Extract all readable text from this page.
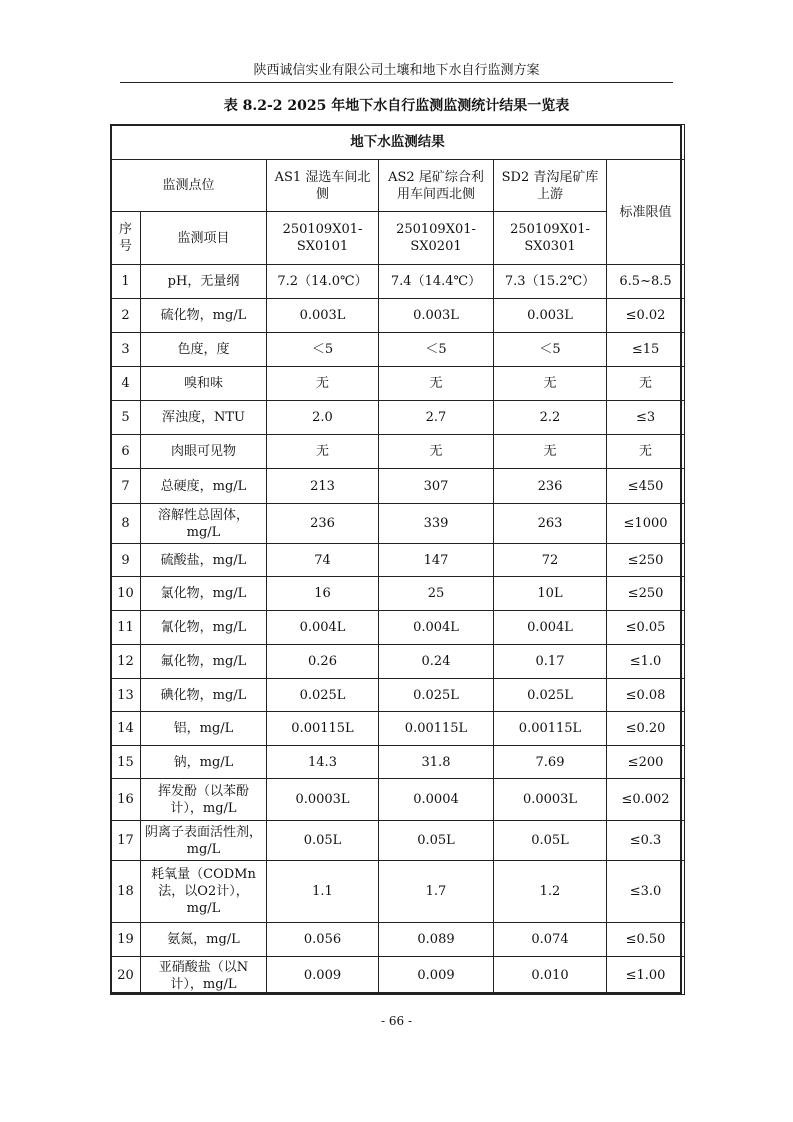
陕西诚信实业有限公司土壤和地下水自行监测方案
表 8.2-2 2025 年地下水自行监测监测统计结果一览表
地下水监测结果					
监测点位		AS1 湿选车间北侧	AS2 尾矿综合利用车间西北侧	SD2 青沟尾矿库上游	标准限值
序号	监测项目	250109X01-SX0101	250109X01-SX0201	250109X01-SX0301	
1	pH，无量纲	7.2（14.0℃）	7.4（14.4℃）	7.3（15.2℃）	6.5~8.5
2	硫化物，mg/L	0.003L	0.003L	0.003L	≤0.02
3	色度，度	＜5	＜5	＜5	≤15
4	嗅和味	无	无	无	无
5	浑浊度，NTU	2.0	2.7	2.2	≤3
6	肉眼可见物	无	无	无	无
7	总硬度，mg/L	213	307	236	≤450
8	溶解性总固体，mg/L	236	339	263	≤1000
9	硫酸盐，mg/L	74	147	72	≤250
10	氯化物，mg/L	16	25	10L	≤250
11	氰化物，mg/L	0.004L	0.004L	0.004L	≤0.05
12	氟化物，mg/L	0.26	0.24	0.17	≤1.0
13	碘化物，mg/L	0.025L	0.025L	0.025L	≤0.08
14	铝，mg/L	0.00115L	0.00115L	0.00115L	≤0.20
15	钠，mg/L	14.3	31.8	7.69	≤200
16	挥发酚（以苯酚计），mg/L	0.0003L	0.0004	0.0003L	≤0.002
17	阴离子表面活性剂，mg/L	0.05L	0.05L	0.05L	≤0.3
18	耗氧量（CODMn法，以O2计），mg/L	1.1	1.7	1.2	≤3.0
19	氨氮，mg/L	0.056	0.089	0.074	≤0.50
20	亚硝酸盐（以N计），mg/L	0.009	0.009	0.010	≤1.00
- 66 -
